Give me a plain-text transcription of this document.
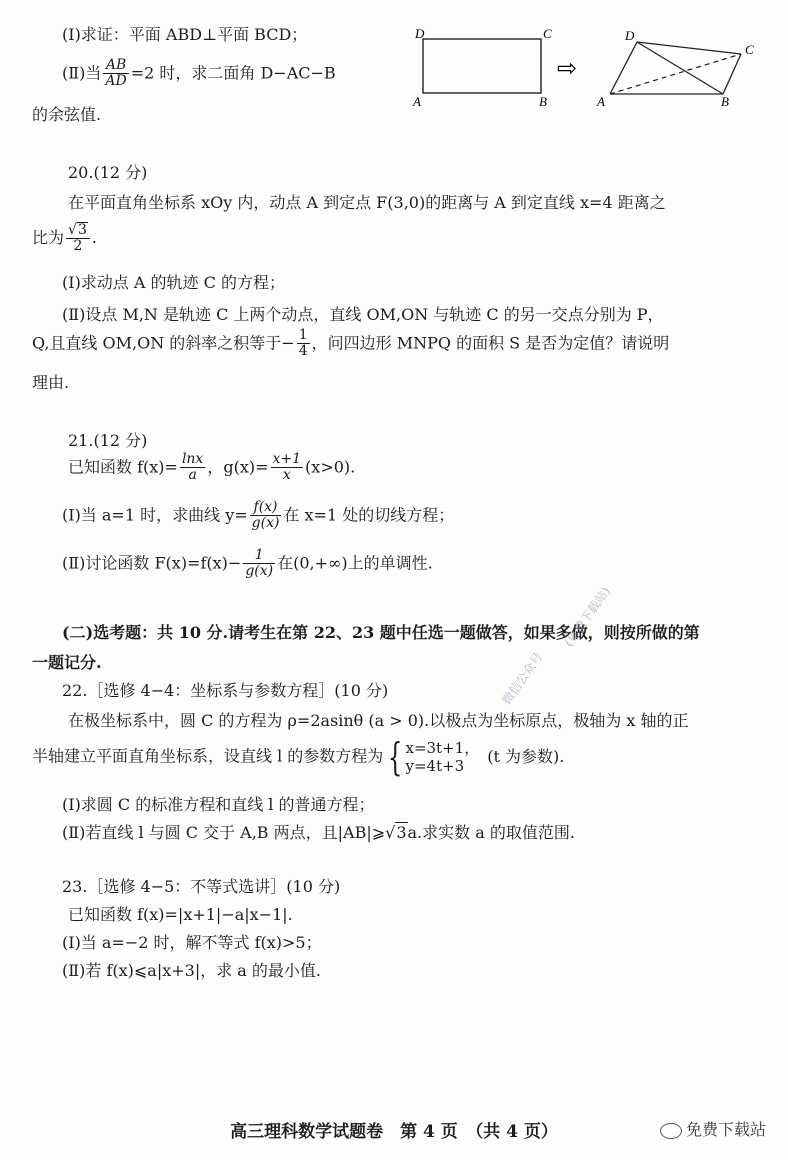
(Ⅰ)求证：平面 ABD⊥平面 BCD；
(Ⅱ)当 $\frac{AB}{AD} =2$ 时，求二面角 D−AC−B
的余弦值.
D	C
A	B
⇨
D
C
A	B
20.(12 分)
在平面直角坐标系 xOy 内，动点 A 到定点 F(3,0)的距离与 A 到定直线 x=4 距离之
比为 $\frac{√3}{2}$ .
(Ⅰ)求动点 A 的轨迹 C 的方程；
(Ⅱ)设点 M,N 是轨迹 C 上两个动点，直线 OM,ON 与轨迹 C 的另一交点分别为 P，
Q,且直线 OM,ON 的斜率之积等于− $\frac{1}{4}$ ，问四边形 MNPQ 的面积 S 是否为定值？请说明
理由.
21.(12 分)
已知函数 $f(x)= \frac{\ln x}{a}$ ，$g(x)= \frac{x+1}{x} (x>0)$.
(Ⅰ)当 a=1 时，求曲线 $y= \frac{f(x)}{g(x)}$ 在 x=1 处的切线方程；
(Ⅱ)讨论函数 $F(x)=f(x)- \frac{1}{g(x)}$ 在(0,+∞)上的单调性.
(二)选考题：共 10 分.请考生在第 22、23 题中任选一题做答，如果多做，则按所做的第
一题记分.
22.［选修 4−4：坐标系与参数方程］(10 分)
在极坐标系中，圆 C 的方程为 ρ=2asinθ (a > 0).以极点为坐标原点，极轴为 x 轴的正
半轴建立平面直角坐标系，设直线 l 的参数方程为 { x=3t+1，
y=4t+3
(t 为参数).
(Ⅰ)求圆 C 的标准方程和直线 l 的普通方程；
(Ⅱ)若直线 l 与圆 C 交于 A,B 两点，且|AB|⩾√3a.求实数 a 的取值范围.
23.［选修 4−5：不等式选讲］(10 分)
已知函数 f(x)=|x+1|−a|x−1|.
(Ⅰ)当 a=−2 时，解不等式 f(x)>5；
(Ⅱ)若 f(x)⩽a|x+3|，求 a 的最小值.
微信公众号
(免费下载站)
高三理科数学试题卷　第 4 页　（共 4 页）	免费下载站
